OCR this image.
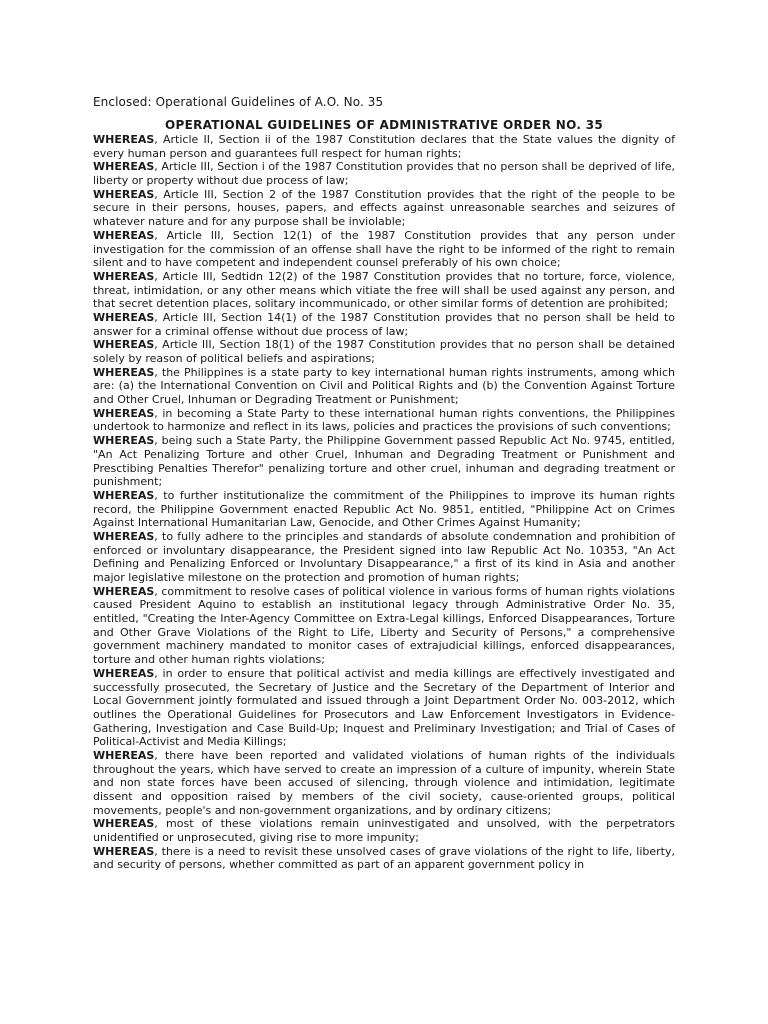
Enclosed: Operational Guidelines of A.O. No. 35
OPERATIONAL GUIDELINES OF ADMINISTRATIVE ORDER NO. 35

WHEREAS, Article II, Section ii of the 1987 Constitution declares that the State values the dignity of every human person and guarantees full respect for human rights;

WHEREAS, Article III, Section i of the 1987 Constitution provides that no person shall be deprived of life, liberty or property without due process of law;

WHEREAS, Article III, Section 2 of the 1987 Constitution provides that the right of the people to be secure in their persons, houses, papers, and effects against unreasonable searches and seizures of whatever nature and for any purpose shall be inviolable;

WHEREAS, Article III, Section 12(1) of the 1987 Constitution provides that any person under investigation for the commission of an offense shall have the right to be informed of the right to remain silent and to have competent and independent counsel preferably of his own choice;

WHEREAS, Article III, Sedtidn 12(2) of the 1987 Constitution provides that no torture, force, violence, threat, intimidation, or any other means which vitiate the free will shall be used against any person, and that secret detention places, solitary incommunicado, or other similar forms of detention are prohibited;

WHEREAS, Article III, Section 14(1) of the 1987 Constitution provides that no person shall be held to answer for a criminal offense without due process of law;

WHEREAS, Article III, Section 18(1) of the 1987 Constitution provides that no person shall be detained solely by reason of political beliefs and aspirations;

WHEREAS, the Philippines is a state party to key international human rights instruments, among which are: (a) the International Convention on Civil and Political Rights and (b) the Convention Against Torture and Other Cruel, Inhuman or Degrading Treatment or Punishment;

WHEREAS, in becoming a State Party to these international human rights conventions, the Philippines undertook to harmonize and reflect in its laws, policies and practices the provisions of such conventions;

WHEREAS, being such a State Party, the Philippine Government passed Republic Act No. 9745, entitled, "An Act Penalizing Torture and other Cruel, Inhuman and Degrading Treatment or Punishment and Presctibing Penalties Therefor" penalizing torture and other cruel, inhuman and degrading treatment or punishment;

WHEREAS, to further institutionalize the commitment of the Philippines to improve its human rights record, the Philippine Government enacted Republic Act No. 9851, entitled, "Philippine Act on Crimes Against International Humanitarian Law, Genocide, and Other Crimes Against Humanity;

WHEREAS, to fully adhere to the principles and standards of absolute condemnation and prohibition of enforced or involuntary disappearance, the President signed into law Republic Act No. 10353, "An Act Defining and Penalizing Enforced or Involuntary Disappearance," a first of its kind in Asia and another major legislative milestone on the protection and promotion of human rights;

WHEREAS, commitment to resolve cases of political violence in various forms of human rights violations caused President Aquino to establish an institutional legacy through Administrative Order No. 35, entitled, "Creating the Inter-Agency Committee on Extra-Legal killings, Enforced Disappearances, Torture and Other Grave Violations of the Right to Life, Liberty and Security of Persons," a comprehensive government machinery mandated to monitor cases of extrajudicial killings, enforced disappearances, torture and other human rights violations;

WHEREAS, in order to ensure that political activist and media killings are effectively investigated and successfully prosecuted, the Secretary of Justice and the Secretary of the Department of Interior and Local Government jointly formulated and issued through a Joint Department Order No. 003-2012, which outlines the Operational Guidelines for Prosecutors and Law Enforcement Investigators in Evidence-Gathering, Investigation and Case Build-Up; Inquest and Preliminary Investigation; and Trial of Cases of Political-Activist and Media Killings;

WHEREAS, there have been reported and validated violations of human rights of the individuals throughout the years, which have served to create an impression of a culture of impunity, wherein State and non state forces have been accused of silencing, through violence and intimidation, legitimate dissent and opposition raised by members of the civil society, cause-oriented groups, political movements, people's and non-government organizations, and by ordinary citizens;

WHEREAS, most of these violations remain uninvestigated and unsolved, with the perpetrators unidentified or unprosecuted, giving rise to more impunity;

WHEREAS, there is a need to revisit these unsolved cases of grave violations of the right to life, liberty, and security of persons, whether committed as part of an apparent government policy in
